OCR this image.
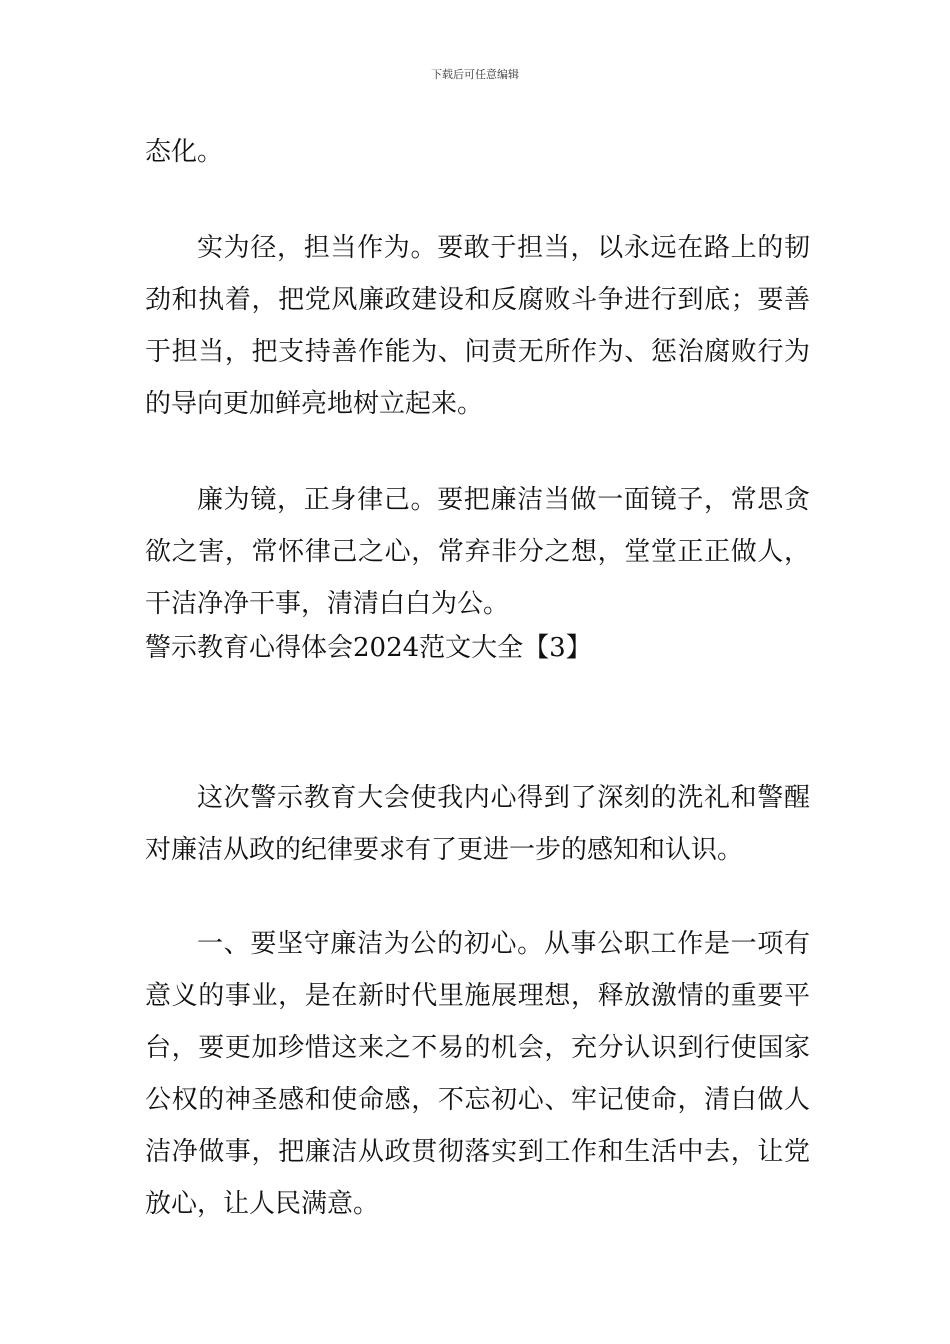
下载后可任意编辑

态化。

实为径，担当作为。要敢于担当，以永远在路上的韧劲和执着，把党风廉政建设和反腐败斗争进行到底；要善于担当，把支持善作能为、问责无所作为、惩治腐败行为的导向更加鲜亮地树立起来。

廉为镜，正身律己。要把廉洁当做一面镜子，常思贪欲之害，常怀律己之心，常弃非分之想，堂堂正正做人，干洁净净干事，清清白白为公。

警示教育心得体会2024范文大全【3】

这次警示教育大会使我内心得到了深刻的洗礼和警醒对廉洁从政的纪律要求有了更进一步的感知和认识。

一、要坚守廉洁为公的初心。从事公职工作是一项有意义的事业，是在新时代里施展理想，释放激情的重要平台，要更加珍惜这来之不易的机会，充分认识到行使国家公权的神圣感和使命感，不忘初心、牢记使命，清白做人洁净做事，把廉洁从政贯彻落实到工作和生活中去，让党放心，让人民满意。
